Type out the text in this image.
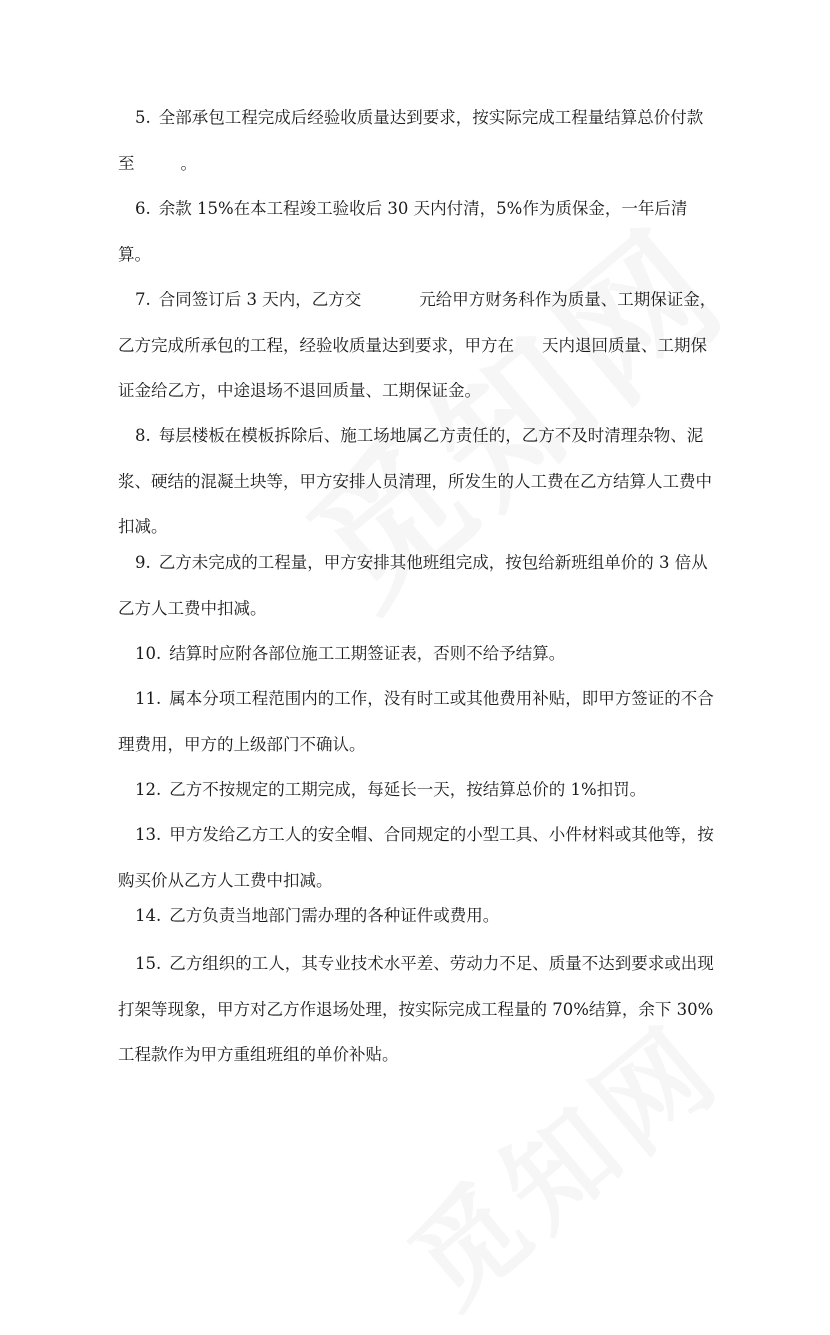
5. 全部承包工程完成后经验收质量达到要求，按实际完成工程量结算总价付款至	。

6. 余款 15%在本工程竣工验收后 30 天内付清，5%作为质保金，一年后清算。

7. 合同签订后 3 天内，乙方交	元给甲方财务科作为质量、工期保证金，乙方完成所承包的工程，经验收质量达到要求，甲方在 天内退回质量、工期保证金给乙方，中途退场不退回质量、工期保证金。

8. 每层楼板在模板拆除后、施工场地属乙方责任的，乙方不及时清理杂物、泥浆、硬结的混凝土块等，甲方安排人员清理，所发生的人工费在乙方结算人工费中扣减。

9. 乙方未完成的工程量，甲方安排其他班组完成，按包给新班组单价的 3 倍从乙方人工费中扣减。

10. 结算时应附各部位施工工期签证表，否则不给予结算。

11. 属本分项工程范围内的工作，没有时工或其他费用补贴，即甲方签证的不合理费用，甲方的上级部门不确认。

12. 乙方不按规定的工期完成，每延长一天，按结算总价的 1%扣罚。

13. 甲方发给乙方工人的安全帽、合同规定的小型工具、小件材料或其他等，按购买价从乙方人工费中扣减。

14. 乙方负责当地部门需办理的各种证件或费用。

15. 乙方组织的工人，其专业技术水平差、劳动力不足、质量不达到要求或出现打架等现象，甲方对乙方作退场处理，按实际完成工程量的 70%结算，余下 30%工程款作为甲方重组班组的单价补贴。
